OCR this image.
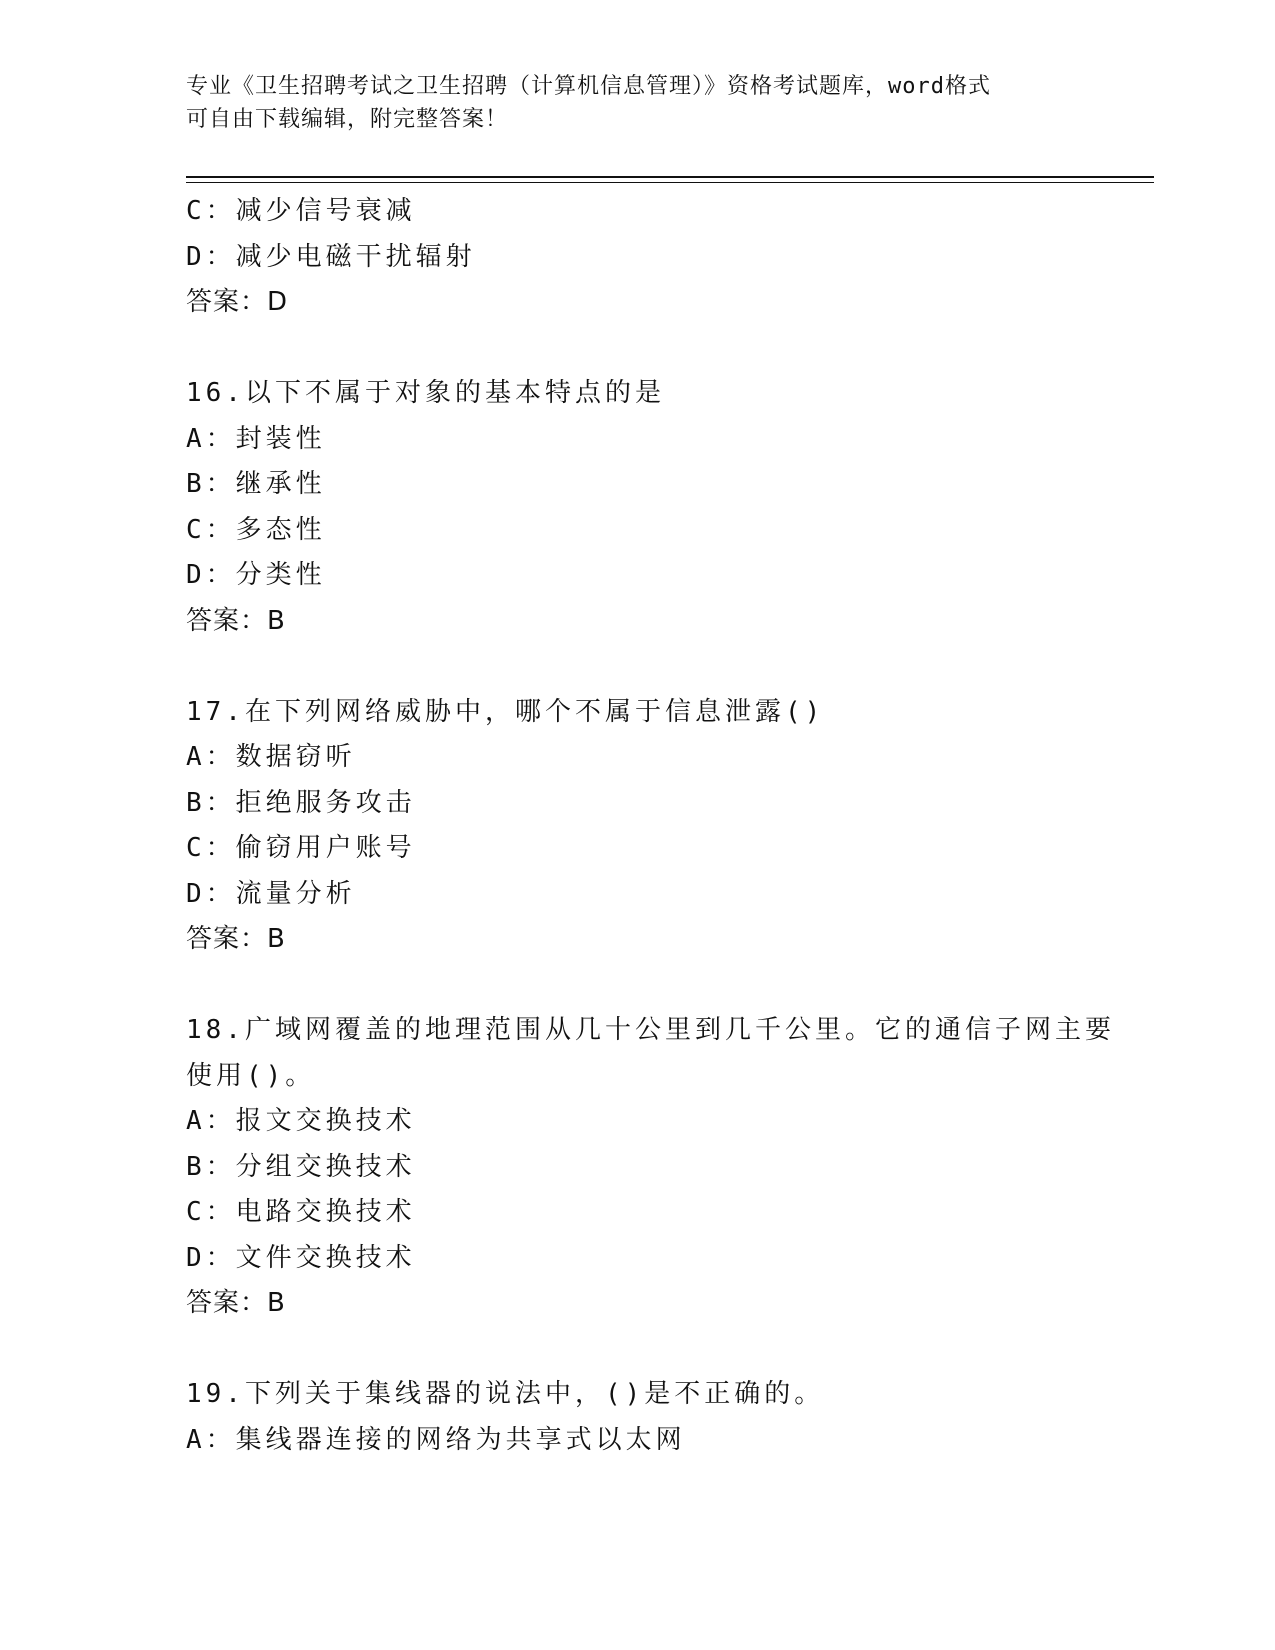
专业《卫生招聘考试之卫生招聘（计算机信息管理）》资格考试题库，word格式
可自由下载编辑，附完整答案！
C：减少信号衰减
D：减少电磁干扰辐射
答案：D
16.以下不属于对象的基本特点的是
A：封装性
B：继承性
C：多态性
D：分类性
答案：B
17.在下列网络威胁中，哪个不属于信息泄露()
A：数据窃听
B：拒绝服务攻击
C：偷窃用户账号
D：流量分析
答案：B
18.广域网覆盖的地理范围从几十公里到几千公里。它的通信子网主要
使用()。
A：报文交换技术
B：分组交换技术
C：电路交换技术
D：文件交换技术
答案：B
19.下列关于集线器的说法中，()是不正确的。
A：集线器连接的网络为共享式以太网
